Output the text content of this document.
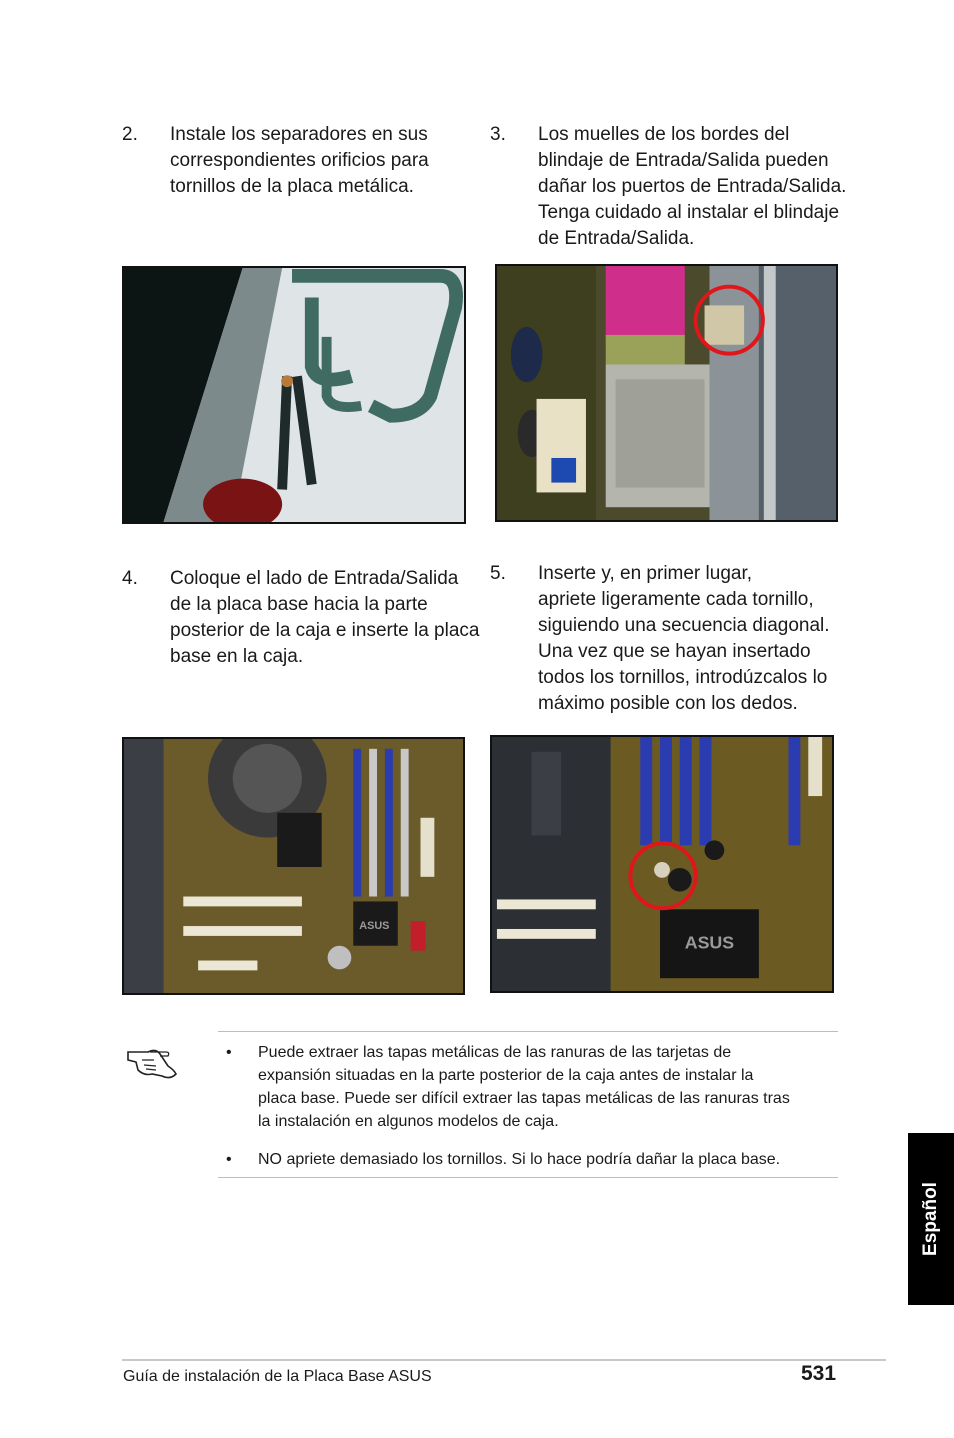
2. Instale los separadores en sus
correspondientes orificios para
tornillos de la placa metálica.
3. Los muelles de los bordes del
blindaje de Entrada/Salida pueden
dañar los puertos de Entrada/Salida.
Tenga cuidado al instalar el blindaje
de Entrada/Salida.
4. Coloque el lado de Entrada/Salida
de la placa base hacia la parte
posterior de la caja e inserte la placa
base en la caja.
5. Inserte y, en primer lugar,
apriete ligeramente cada tornillo,
siguiendo una secuencia diagonal.
Una vez que se hayan insertado
todos los tornillos, introdúzcalos lo
máximo posible con los dedos.
ASUS
ASUS
• Puede extraer las tapas metálicas de las ranuras de las tarjetas de
expansión situadas en la parte posterior de la caja antes de instalar la
placa base. Puede ser difícil extraer las tapas metálicas de las ranuras tras
la instalación en algunos modelos de caja.
• NO apriete demasiado los tornillos. Si lo hace podría dañar la placa base.
Español
Guía de instalación de la Placa Base ASUS	531
